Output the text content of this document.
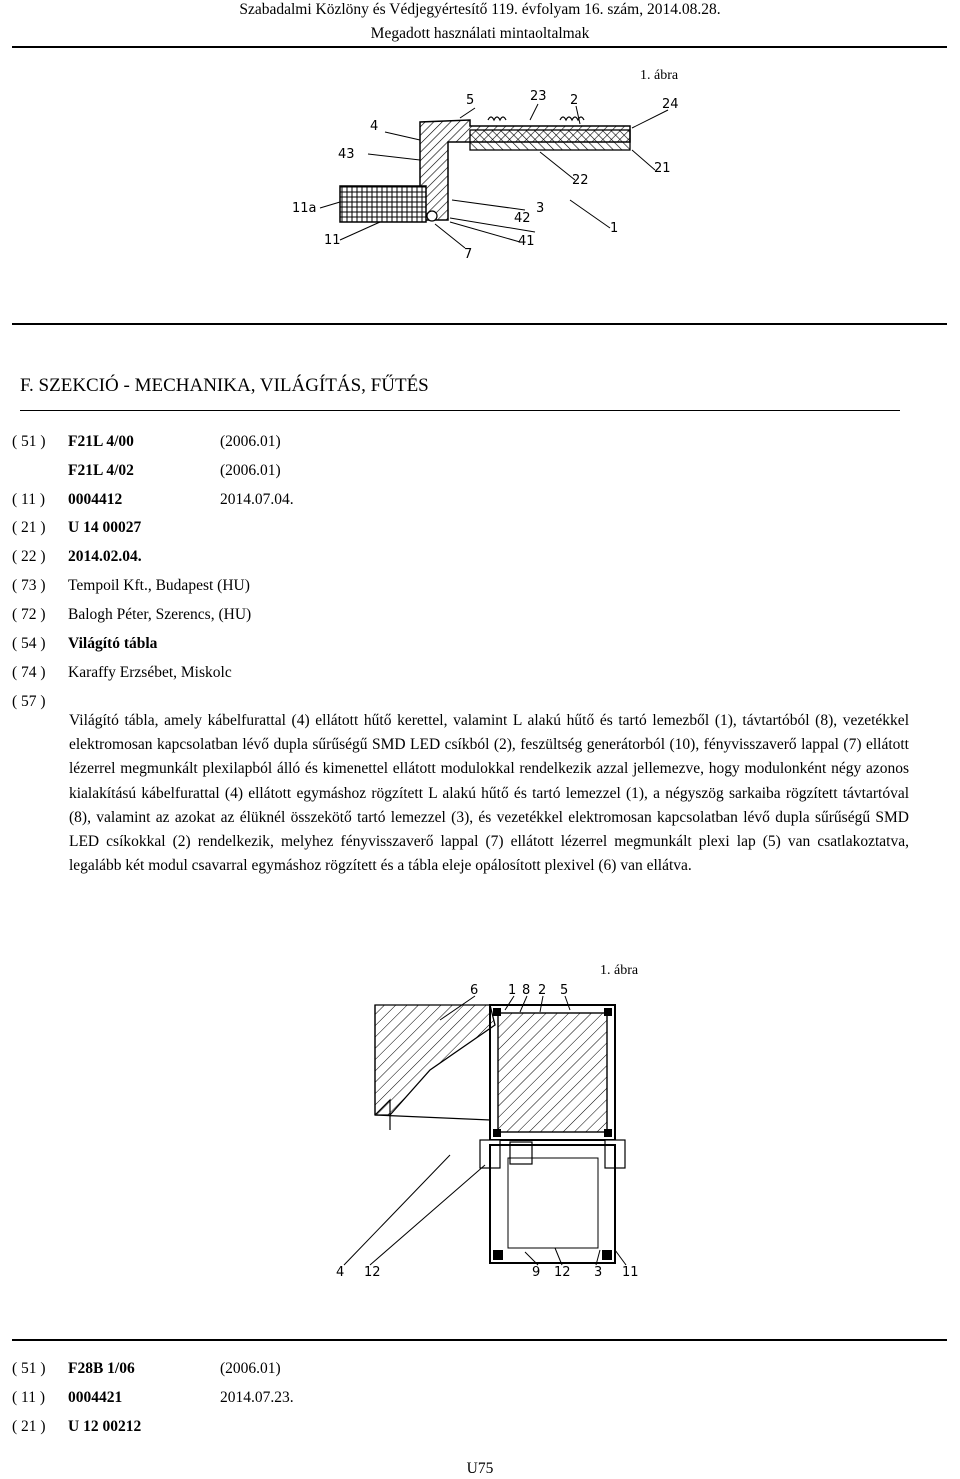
Szabadalmi Közlöny és Védjegyértesítő 119. évfolyam 16. szám, 2014.08.28.
Megadott használati mintaoltalmak
1. ábra
5	23 2	24
4
43
21
22
11a
42
3
1
11	41
7
F. SZEKCIÓ - MECHANIKA, VILÁGÍTÁS, FŰTÉS
( 51 ) F21L 4/00	(2006.01)
F21L 4/02	(2006.01)
( 11 ) 0004412	2014.07.04.
( 21 ) U 14 00027
( 22 ) 2014.02.04.
( 73 ) Tempoil Kft., Budapest (HU)
( 72 ) Balogh Péter, Szerencs, (HU)
( 54 ) Világító tábla
( 74 ) Karaffy Erzsébet, Miskolc
( 57 )
Világító tábla, amely kábelfurattal (4) ellátott hűtő kerettel, valamint L alakú hűtő és tartó lemezből (1), távtartóból (8), vezetékkel elektromosan kapcsolatban lévő dupla sűrűségű SMD LED csíkból (2), feszültség generátorból (10), fényvisszaverő lappal (7) ellátott lézerrel megmunkált plexilapból álló és kimenettel ellátott modulokkal rendelkezik azzal jellemezve, hogy modulonként négy azonos kialakítású kábelfurattal (4) ellátott egymáshoz rögzített L alakú hűtő és tartó lemezzel (1), a négyszög sarkaiba rögzített távtartóval (8), valamint az azokat az élüknél összekötő tartó lemezzel (3), és vezetékkel elektromosan kapcsolatban lévő dupla sűrűségű SMD LED csíkokkal (2) rendelkezik, melyhez fényvisszaverő lappal (7) ellátott lézerrel megmunkált plexi lap (5) van csatlakoztatva, legalább két modul csavarral egymáshoz rögzített és a tábla eleje opálosított plexivel (6) van ellátva.
1. ábra
6 1 8 2 5
4 12	9 12 3 11
( 51 ) F28B 1/06	(2006.01)
( 11 ) 0004421	2014.07.23.
( 21 ) U 12 00212
U75
